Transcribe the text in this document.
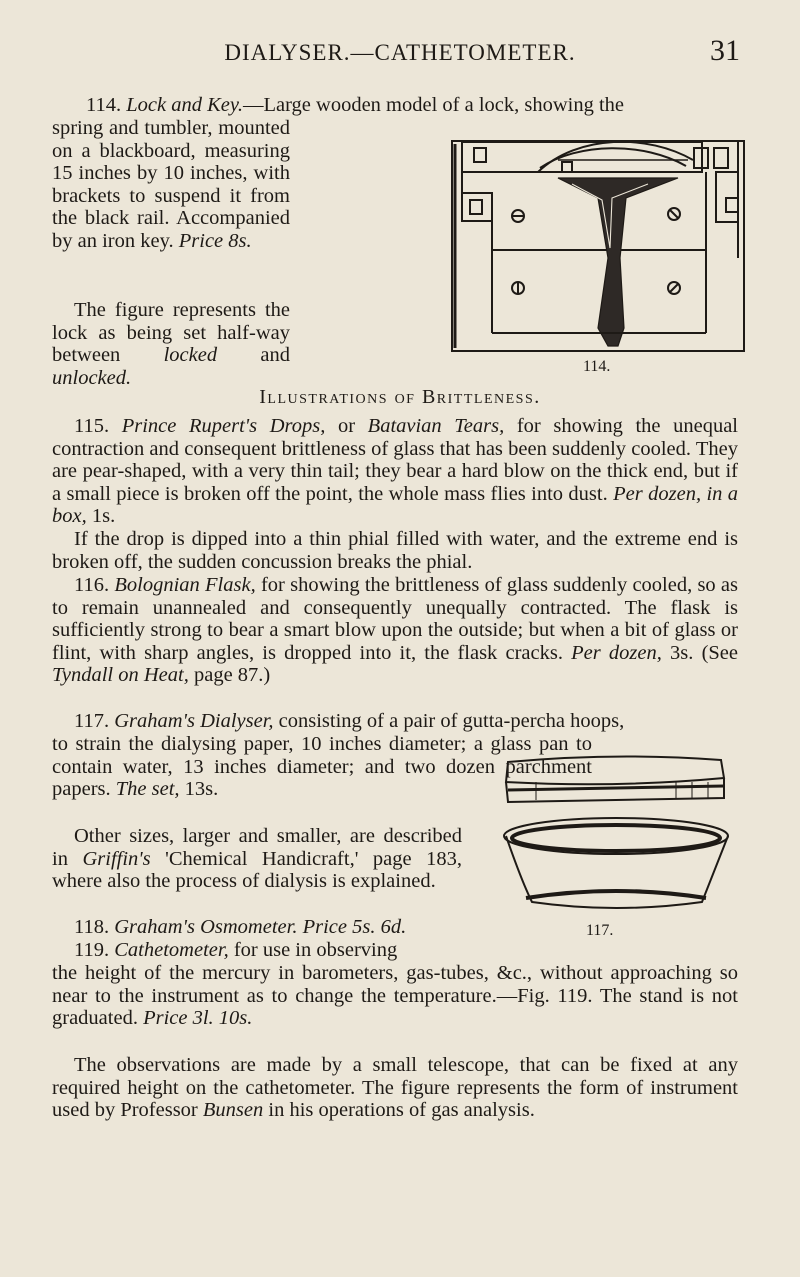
DIALYSER.—CATHETOMETER.	31

114. Lock and Key.—Large wooden model of a lock, showing the

spring and tumbler, mounted on a blackboard, measuring 15 inches by 10 inches, with brackets to suspend it from the black rail. Accompanied by an iron key. Price 8s.

The figure represents the lock as being set half-way between locked and unlocked.

114.
Illustrations of Brittleness.

115. Prince Rupert's Drops, or Batavian Tears, for showing the unequal contraction and consequent brittleness of glass that has been suddenly cooled. They are pear-shaped, with a very thin tail; they bear a hard blow on the thick end, but if a small piece is broken off the point, the whole mass flies into dust. Per dozen, in a box, 1s.

If the drop is dipped into a thin phial filled with water, and the extreme end is broken off, the sudden concussion breaks the phial.

116. Bolognian Flask, for showing the brittleness of glass suddenly cooled, so as to remain unannealed and consequently unequally contracted. The flask is sufficiently strong to bear a smart blow upon the outside; but when a bit of glass or flint, with sharp angles, is dropped into it, the flask cracks. Per dozen, 3s. (See Tyndall on Heat, page 87.)

117. Graham's Dialyser, consisting of a pair of gutta-percha hoops,

to strain the dialysing paper, 10 inches diameter; a glass pan to contain water, 13 inches diameter; and two dozen parchment papers. The set, 13s.

Other sizes, larger and smaller, are described in Griffin's 'Chemical Handicraft,' page 183, where also the process of dialysis is explained.

117.

118. Graham's Osmometer. Price 5s. 6d.

119. Cathetometer, for use in observing

the height of the mercury in barometers, gas-tubes, &c., without approaching so near to the instrument as to change the temperature.—Fig. 119. The stand is not graduated. Price 3l. 10s.

The observations are made by a small telescope, that can be fixed at any required height on the cathetometer. The figure represents the form of instrument used by Professor Bunsen in his operations of gas analysis.
